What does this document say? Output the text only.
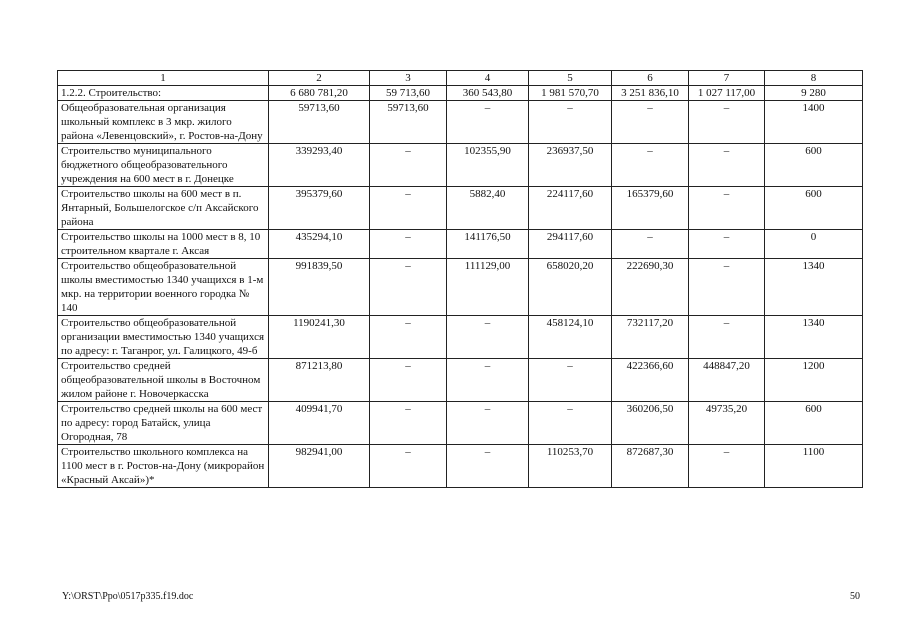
1	2	3	4	5	6	7	8
1.2.2. Строительство:	6 680 781,20	59 713,60	360 543,80	1 981 570,70	3 251 836,10	1 027 117,00	9 280
Общеобразовательная организация школьный комплекс в 3 мкр. жилого района «Левенцовский», г. Ростов-на-Дону	59713,60	59713,60	–	–	–	–	1400
Строительство муниципального бюджетного общеобразовательного учреждения на 600 мест в г. Донецке	339293,40	–	102355,90	236937,50	–	–	600
Строительство школы на 600 мест в п. Янтарный, Большелогское с/п Аксайского района	395379,60	–	5882,40	224117,60	165379,60	–	600
Строительство школы на 1000 мест в 8, 10 строительном квартале г. Аксая	435294,10	–	141176,50	294117,60	–	–	0
Строительство общеобразовательной школы вместимостью 1340 учащихся в 1-м мкр. на территории военного городка № 140	991839,50	–	111129,00	658020,20	222690,30	–	1340
Строительство общеобразовательной организации вместимостью 1340 учащихся по адресу: г. Таганрог, ул. Галицкого, 49-б	1190241,30	–	–	458124,10	732117,20	–	1340
Строительство средней общеобразовательной школы в Восточном жилом районе г. Новочеркасска	871213,80	–	–	–	422366,60	448847,20	1200
Строительство средней школы на 600 мест по адресу: город Батайск, улица Огородная, 78	409941,70	–	–	–	360206,50	49735,20	600
Строительство школьного комплекса на 1100 мест в г. Ростов-на-Дону (микрорайон «Красный Аксай»)*	982941,00	–	–	110253,70	872687,30	–	1100
Y:\ORST\Ppo\0517p335.f19.doc	50
